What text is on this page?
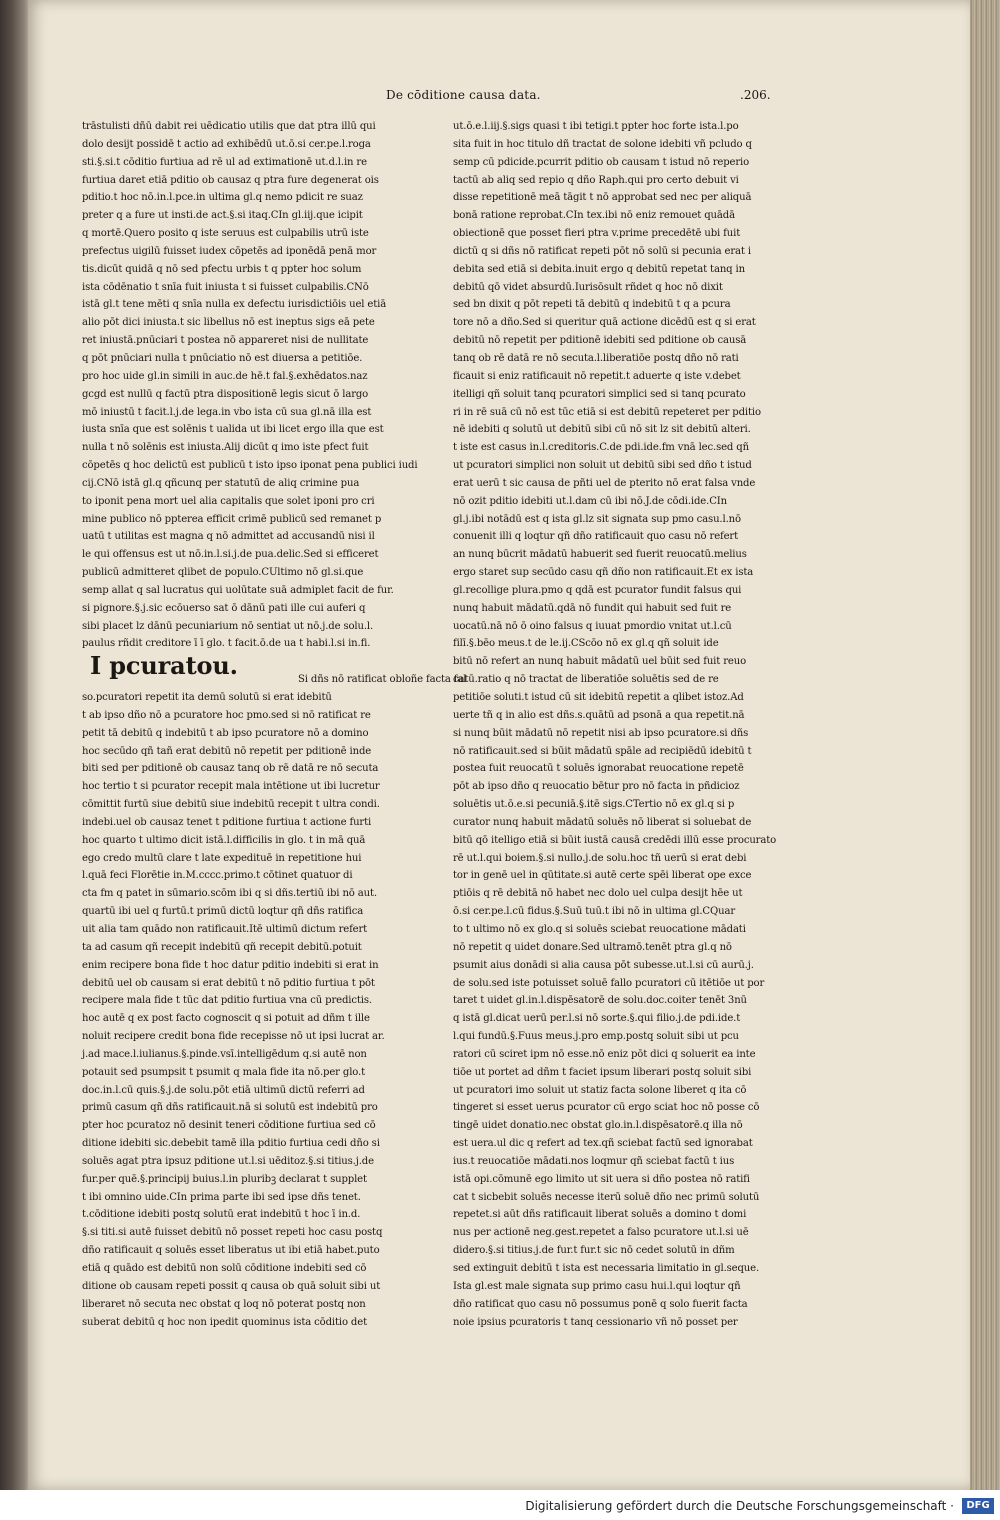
De cōditione causa data.	.206.
trāstulisti dñū dabit rei uēdicatio utilis que dat ptra illū qui
dolo desijt possidē t actio ad exhibēdū ut.ō.si cer.pe.l.roga
sti.§.si.t cōditio furtiua ad rē ul ad extimationē ut.d.l.in re
furtiua daret etiā pditio ob causaz q ptra fure degenerat ois
pditio.t hoc nō.in.l.pce.in ultima gl.q nemo pdicit re suaz
preter q a fure ut insti.de act.§.si itaq.CIn gl.iij.que icipit
q mortē.Quero posito q iste seruus est culpabilis utrū iste
prefectus uigilū fuisset iudex cōpetēs ad iponēdā penā mor
tis.dicūt quidā q nō sed pfectu urbis t q ppter hoc solum
ista cōdēnatio t snīa fuit iniusta t si fuisset culpabilis.CNō
istā gl.t tene mēti q snīa nulla ex defectu iurisdictiōis uel etiā
alio pōt dici iniusta.t sic libellus nō est ineptus sigs eā pete
ret iniustā.pnūciari t postea nō appareret nisi de nullitate
q pōt pnūciari nulla t pnūciatio nō est diuersa a petitiōe.
pro hoc uide gl.in simili in auc.de hē.t fal.§.exhēdatos.naz
gcgd est nullū q factū ptra dispositionē legis sicut ō largo
mō iniustū t facit.l.j.de lega.in vbo ista cū sua gl.nā illa est
iusta snīa que est solēnis t ualida ut ibi licet ergo illa que est
nulla t nō solēnis est iniusta.Alij dicūt q imo iste pfect fuit
cōpetēs q hoc delictū est publicū t isto ipso iponat pena publici iudi
cij.CNō istā gl.q qñcunq per statutū de aliq crimine pua
to iponit pena mort uel alia capitalis que solet iponi pro cri
mine publico nō ppterea efficit crimē publicū sed remanet p
uatū t utilitas est magna q nō admittet ad accusandū nisi il
le qui offensus est ut nō.in.l.si.j.de pua.delic.Sed si efficeret
publicū admitteret qlibet de populo.CUltimo nō gl.si.que
semp allat q sal lucratus qui uolūtate suā admiplet facit de fur.
si pignore.§.j.sic ecōuerso sat ō dānū pati ille cui auferi q
sibi placet lz dānū pecuniarium nō sentiat ut nō.j.de solu.l.
paulus rñdit creditore ī ī glo. t facit.ō.de ua t habi.l.si in.fi.
Si dñs nō ratificat obloñe facta fal
I pcuratou.
so.pcuratori repetit ita demū solutū si erat idebitū
t ab ipso dño nō a pcuratore hoc pmo.sed si nō ratificat re
petit tā debitū q indebitū t ab ipso pcuratore nō a domino
hoc secūdo qñ tañ erat debitū nō repetit per pditionē inde
biti sed per pditionē ob causaz tanq ob rē datā re nō secuta
hoc tertio t si pcurator recepit mala intētione ut ibi lucretur
cōmittit furtū siue debitū siue indebitū recepit t ultra condi.
indebi.uel ob causaz tenet t pditione furtiua t actione furti
hoc quarto t ultimo dicit istā.l.difficilis in glo. t in mā quā
ego credo multū clare t late expedituē in repetitione hui
l.quā feci Florētie in.M.cccc.primo.t cōtinet quatuor di
cta fm q patet in sūmario.scōm ibi q si dñs.tertiū ibi nō aut.
quartū ibi uel q furtū.t primū dictū loqtur qñ dñs ratifica
uit alia tam quādo non ratificauit.Itē ultimū dictum refert
ta ad casum qñ recepit indebitū qñ recepit debitū.potuit
enim recipere bona fide t hoc datur pditio indebiti si erat in
debitū uel ob causam si erat debitū t nō pditio furtiua t pōt
recipere mala fide t tūc dat pditio furtiua vna cū predictis.
hoc autē q ex post facto cognoscit q si potuit ad dñm t ille
noluit recipere credit bona fide recepisse nō ut ipsi lucrat ar.
j.ad mace.l.iulianus.§.pinde.vsī.intelligēdum q.si autē non
potauit sed psumpsit t psumit q mala fide ita nō.per glo.t
doc.in.l.cū quis.§.j.de solu.pōt etiā ultimū dictū referri ad
primū casum qñ dñs ratificauit.nā si solutū est indebitū pro
pter hoc pcuratoz nō desinit teneri cōditione furtiua sed cō
ditione idebiti sic.debebit tamē illa pditio furtiua cedi dño si
soluēs agat ptra ipsuz pditione ut.l.si uēditoz.§.si titius.j.de
fur.per quē.§.principij buius.l.in pluribꝫ declarat t supplet
t ibi omnino uide.CIn prima parte ibi sed ipse dñs tenet.
t.cōditione idebiti postq solutū erat indebitū t hoc ī in.d.
§.si titi.si autē fuisset debitū nō posset repeti hoc casu postq
dño ratificauit q soluēs esset liberatus ut ibi etiā habet.puto
etiā q quādo est debitū non solū cōditione indebiti sed cō
ditione ob causam repeti possit q causa ob quā soluit sibi ut
liberaret nō secuta nec obstat q loq nō poterat postq non
suberat debitū q hoc non ipedit quominus ista cōditio det
ut.ō.e.l.iij.§.sigs quasi t ibi tetigi.t ppter hoc forte ista.l.po
sita fuit in hoc titulo dñ tractat de solone idebiti vñ pcludo q
semp cū pdicide.pcurrit pditio ob causam t istud nō reperio
tactū ab aliq sed repio q dño Raph.qui pro certo debuit vi
disse repetitionē meā tāgit t nō approbat sed nec per aliquā
bonā ratione reprobat.CIn tex.ibi nō eniz remouet quādā
obiectionē que posset fieri ptra v.prime precedētē ubi fuit
dictū q si dñs nō ratificat repeti pōt nō solū si pecunia erat i
debita sed etiā si debita.inuit ergo q debitū repetat tanq in
debitū qō videt absurdū.Iurisōsult rñdet q hoc nō dixit
sed bn dixit q pōt repeti tā debitū q indebitū t q a pcura
tore nō a dño.Sed si queritur quā actione dicēdū est q si erat
debitū nō repetit per pditionē idebiti sed pditione ob causā
tanq ob rē datā re nō secuta.l.liberatiōe postq dño nō rati
ficauit si eniz ratificauit nō repetit.t aduerte q iste v.debet
itelligi qñ soluit tanq pcuratori simplici sed si tanq pcurato
ri in rē suā cū nō est tūc etiā si est debitū repeteret per pditio
nē idebiti q solutū ut debitū sibi cū nō sit lz sit debitū alteri.
t iste est casus in.l.creditoris.C.de pdi.ide.fm vnā lec.sed qñ
ut pcuratori simplici non soluit ut debitū sibi sed dño t istud
erat uerū t sic causa de pñti uel de pterito nō erat falsa vnde
nō ozit pditio idebiti ut.l.dam cū ibi nō.J.de cōdi.ide.CIn
gl.j.ibi notādū est q ista gl.lz sit signata sup pmo casu.l.nō
conuenit illi q loqtur qñ dño ratificauit quo casu nō refert
an nunq būcrit mādatū habuerit sed fuerit reuocatū.melius
ergo staret sup secūdo casu qñ dño non ratificauit.Et ex ista
gl.recollige plura.pmo q qdā est pcurator fundit falsus qui
nunq habuit mādatū.qdā nō fundit qui habuit sed fuit re
uocatū.nā nō ō oino falsus q iuuat pmordio vnitat ut.l.cū
filī.§.bēo meus.t de le.ij.CScōo nō ex gl.q qñ soluit ide
bitū nō refert an nunq habuit mādatū uel būit sed fuit reuo
catū.ratio q nō tractat de liberatiōe soluētis sed de re
petitiōe soluti.t istud cū sit idebitū repetit a qlibet istoz.Ad
uerte tñ q in alio est dñs.s.quātū ad psonā a qua repetit.nā
si nunq būit mādatū nō repetit nisi ab ipso pcuratore.si dñs
nō ratificauit.sed si būit mādatū spāle ad recipiēdū idebitū t
postea fuit reuocatū t soluēs ignorabat reuocatione repetē
pōt ab ipso dño q reuocatio bētur pro nō facta in pñdicioz
soluētis ut.ō.e.si pecuniā.§.itē sigs.CTertio nō ex gl.q si p
curator nunq habuit mādatū soluēs nō liberat si soluebat de
bitū qō itelligo etiā si būit iustā causā credēdi illū esse procurato
rē ut.l.qui boiem.§.si nullo.j.de solu.hoc tñ uerū si erat debi
tor in genē uel in qūtitate.si autē certe spēi liberat ope exce
ptiōis q rē debitā nō habet nec dolo uel culpa desijt hēe ut
ō.si cer.pe.l.cū fidus.§.Suū tuū.t ibi nō in ultima gl.CQuar
to t ultimo nō ex glo.q si soluēs sciebat reuocatione mādati
nō repetit q uidet donare.Sed ultramō.tenēt ptra gl.q nō
psumit aius donādi si alia causa pōt subesse.ut.l.si cū aurū.j.
de solu.sed iste potuisset soluē fallo pcuratori cū itētiōe ut por
taret t uidet gl.in.l.dispēsatorē de solu.doc.coiter tenēt 3nū
q istā gl.dicat uerū per.l.si nō sorte.§.qui filio.j.de pdi.ide.t
l.qui fundū.§.Fuus meus.j.pro emp.postq soluit sibi ut pcu
ratori cū sciret ipm nō esse.nō eniz pōt dici q soluerit ea inte
tiōe ut portet ad dñm t faciet ipsum liberari postq soluit sibi
ut pcuratori imo soluit ut statiz facta solone liberet q ita cō
tingeret si esset uerus pcurator cū ergo sciat hoc nō posse cō
tingē uidet donatio.nec obstat glo.in.l.dispēsatorē.q illa nō
est uera.ul dic q refert ad tex.qñ sciebat factū sed ignorabat
ius.t reuocatiōe mādati.nos loqmur qñ sciebat factū t ius
istā opi.cōmunē ego limito ut sit uera si dño postea nō ratifi
cat t sicbebit soluēs necesse iterū soluē dño nec primū solutū
repetet.si aūt dñs ratificauit liberat soluēs a domino t domi
nus per actionē neg.gest.repetet a falso pcuratore ut.l.si uē
didero.§.si titius.j.de fur.t fur.t sic nō cedet solutū in dñm
sed extinguit debitū t ista est necessaria limitatio in gl.seque.
Ista gl.est male signata sup primo casu hui.l.qui loqtur qñ
dño ratificat quo casu nō possumus ponē q solo fuerit facta
noie ipsius pcuratoris t tanq cessionario vñ nō posset per
Digitalisierung gefördert durch die Deutsche Forschungsgemeinschaft ·	DFG
